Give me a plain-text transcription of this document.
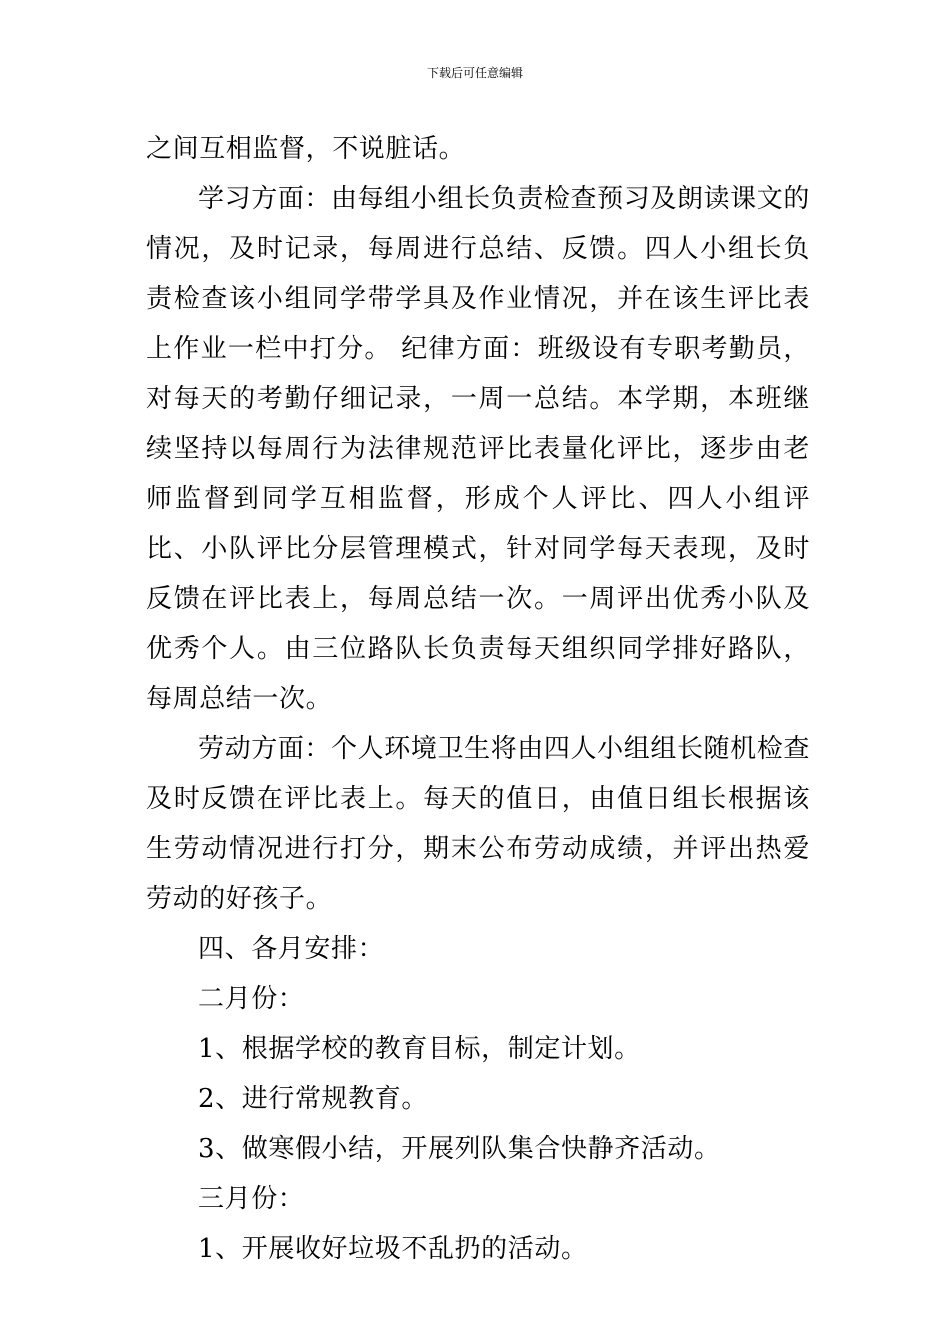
下载后可任意编辑

之间互相监督，不说脏话。

学习方面：由每组小组长负责检查预习及朗读课文的情况，及时记录，每周进行总结、反馈。四人小组长负责检查该小组同学带学具及作业情况，并在该生评比表上作业一栏中打分。 纪律方面：班级设有专职考勤员，对每天的考勤仔细记录，一周一总结。本学期，本班继续坚持以每周行为法律规范评比表量化评比，逐步由老师监督到同学互相监督，形成个人评比、四人小组评比、小队评比分层管理模式，针对同学每天表现，及时反馈在评比表上，每周总结一次。一周评出优秀小队及优秀个人。由三位路队长负责每天组织同学排好路队，每周总结一次。

劳动方面：个人环境卫生将由四人小组组长随机检查及时反馈在评比表上。每天的值日，由值日组长根据该生劳动情况进行打分，期末公布劳动成绩，并评出热爱劳动的好孩子。

四、各月安排：

二月份：

1、根据学校的教育目标，制定计划。

2、进行常规教育。

3、做寒假小结，开展列队集合快静齐活动。

三月份：

1、开展收好垃圾不乱扔的活动。
